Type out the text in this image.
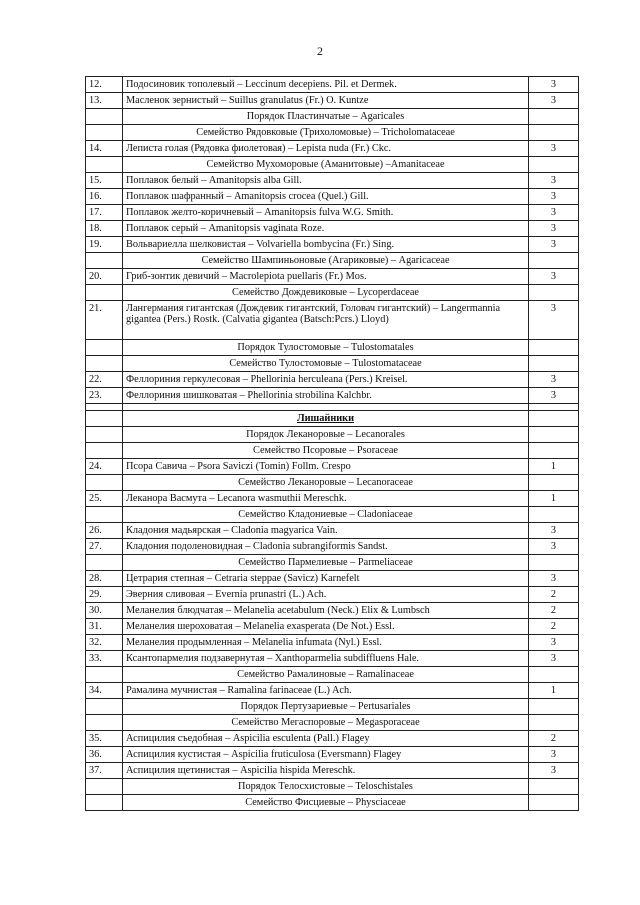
2
12.	Подосиновик тополевый – Leccinum decepiens. Pil. et Dermek.	3
13.	Масленок зернистый – Suillus granulatus (Fr.) O. Kuntze	3
	Порядок Пластинчатые – Agaricales	
	Семейство Рядовковые (Трихоломовые) – Tricholomataceae	
14.	Леписта голая (Рядовка фиолетовая) – Lepista nuda (Fr.) Ckc.	3
	Семейство Мухоморовые (Аманитовые) –Amanitaceae	
15.	Поплавок белый – Amanitopsis alba Gill.	3
16.	Поплавок шафранный – Amanitopsis crocea (Quel.) Gill.	3
17.	Поплавок желто-коричневый – Amanitopsis fulva W.G. Smith.	3
18.	Поплавок серый – Amanitopsis vaginata Roze.	3
19.	Вольвариелла шелковистая – Volvariella bombycina (Fr.) Sing.	3
	Семейство Шампиньоновые (Агариковые) – Agaricaceae	
20.	Гриб-зонтик девичий – Macrolepiota puellaris (Fr.) Mos.	3
	Семейство Дождевиковые – Lycoperdaceae	
21.	Лангермания гигантская (Дождевик гигантский, Головач гигантский) – Langermannia gigantea (Pers.) Rostk. (Calvatia gigantea (Batsch:Pcrs.) Lloyd)	3
	Порядок Тулостомовые – Tulostomatales	
	Семейство Тулостомовые – Tulostomataceae	
22.	Феллориния геркулесовая – Phellorinia herculeana (Pers.) Kreisel.	3
23.	Феллориния шишковатая – Phellorinia strobilina Kalchbr.	3

	Лишайники	
	Порядок Леканоровые – Lecanorales	
	Семейство Псоровые – Psoraceae	
24.	Псора Савича – Psora Saviczi (Tomin) Follm. Crespo	1
	Семейство Леканоровые – Lecanoraceae	
25.	Леканора Васмута – Lecanora wasmuthii Mereschk.	1
	Семейство Кладониевые – Cladoniaceae	
26.	Кладония мадьярская – Cladonia magyarica Vain.	3
27.	Кладония подоленовидная – Cladonia subrangiformis Sandst.	3
	Семейство Пармелиевые – Parmeliaceae	
28.	Цетрария степная – Cetraria steppae (Savicz) Karnefelt	3
29.	Эверния сливовая – Evernia prunastri (L.) Ach.	2
30.	Меланелия блюдчатая – Melanelia acetabulum (Neck.) Elix & Lumbsch	2
31.	Меланелия шероховатая – Melanelia exasperata (De Not.) Essl.	2
32.	Меланелия продымленная – Melanelia infumata (Nyl.) Essl.	3
33.	Ксантопармелия подзавернутая – Xanthoparmelia subdiffluens Hale.	3
	Семейство Рамалиновые – Ramalinaceae	
34.	Рамалина мучнистая – Ramalina farinaceae (L.) Ach.	1
	Порядок Пертузариевые – Pertusariales	
	Семейство Мегаспоровые – Megasporaceae	
35.	Аспицилия съедобная – Aspicilia esculenta (Pall.) Flagey	2
36.	Аспицилия кустистая – Aspicilia fruticulosa (Eversmann) Flagey	3
37.	Аспицилия щетинистая – Aspicilia hispida Mereschk.	3
	Порядок Телосхистовые – Teloschistales	
	Семейство Фисциевые – Physciaceae	
